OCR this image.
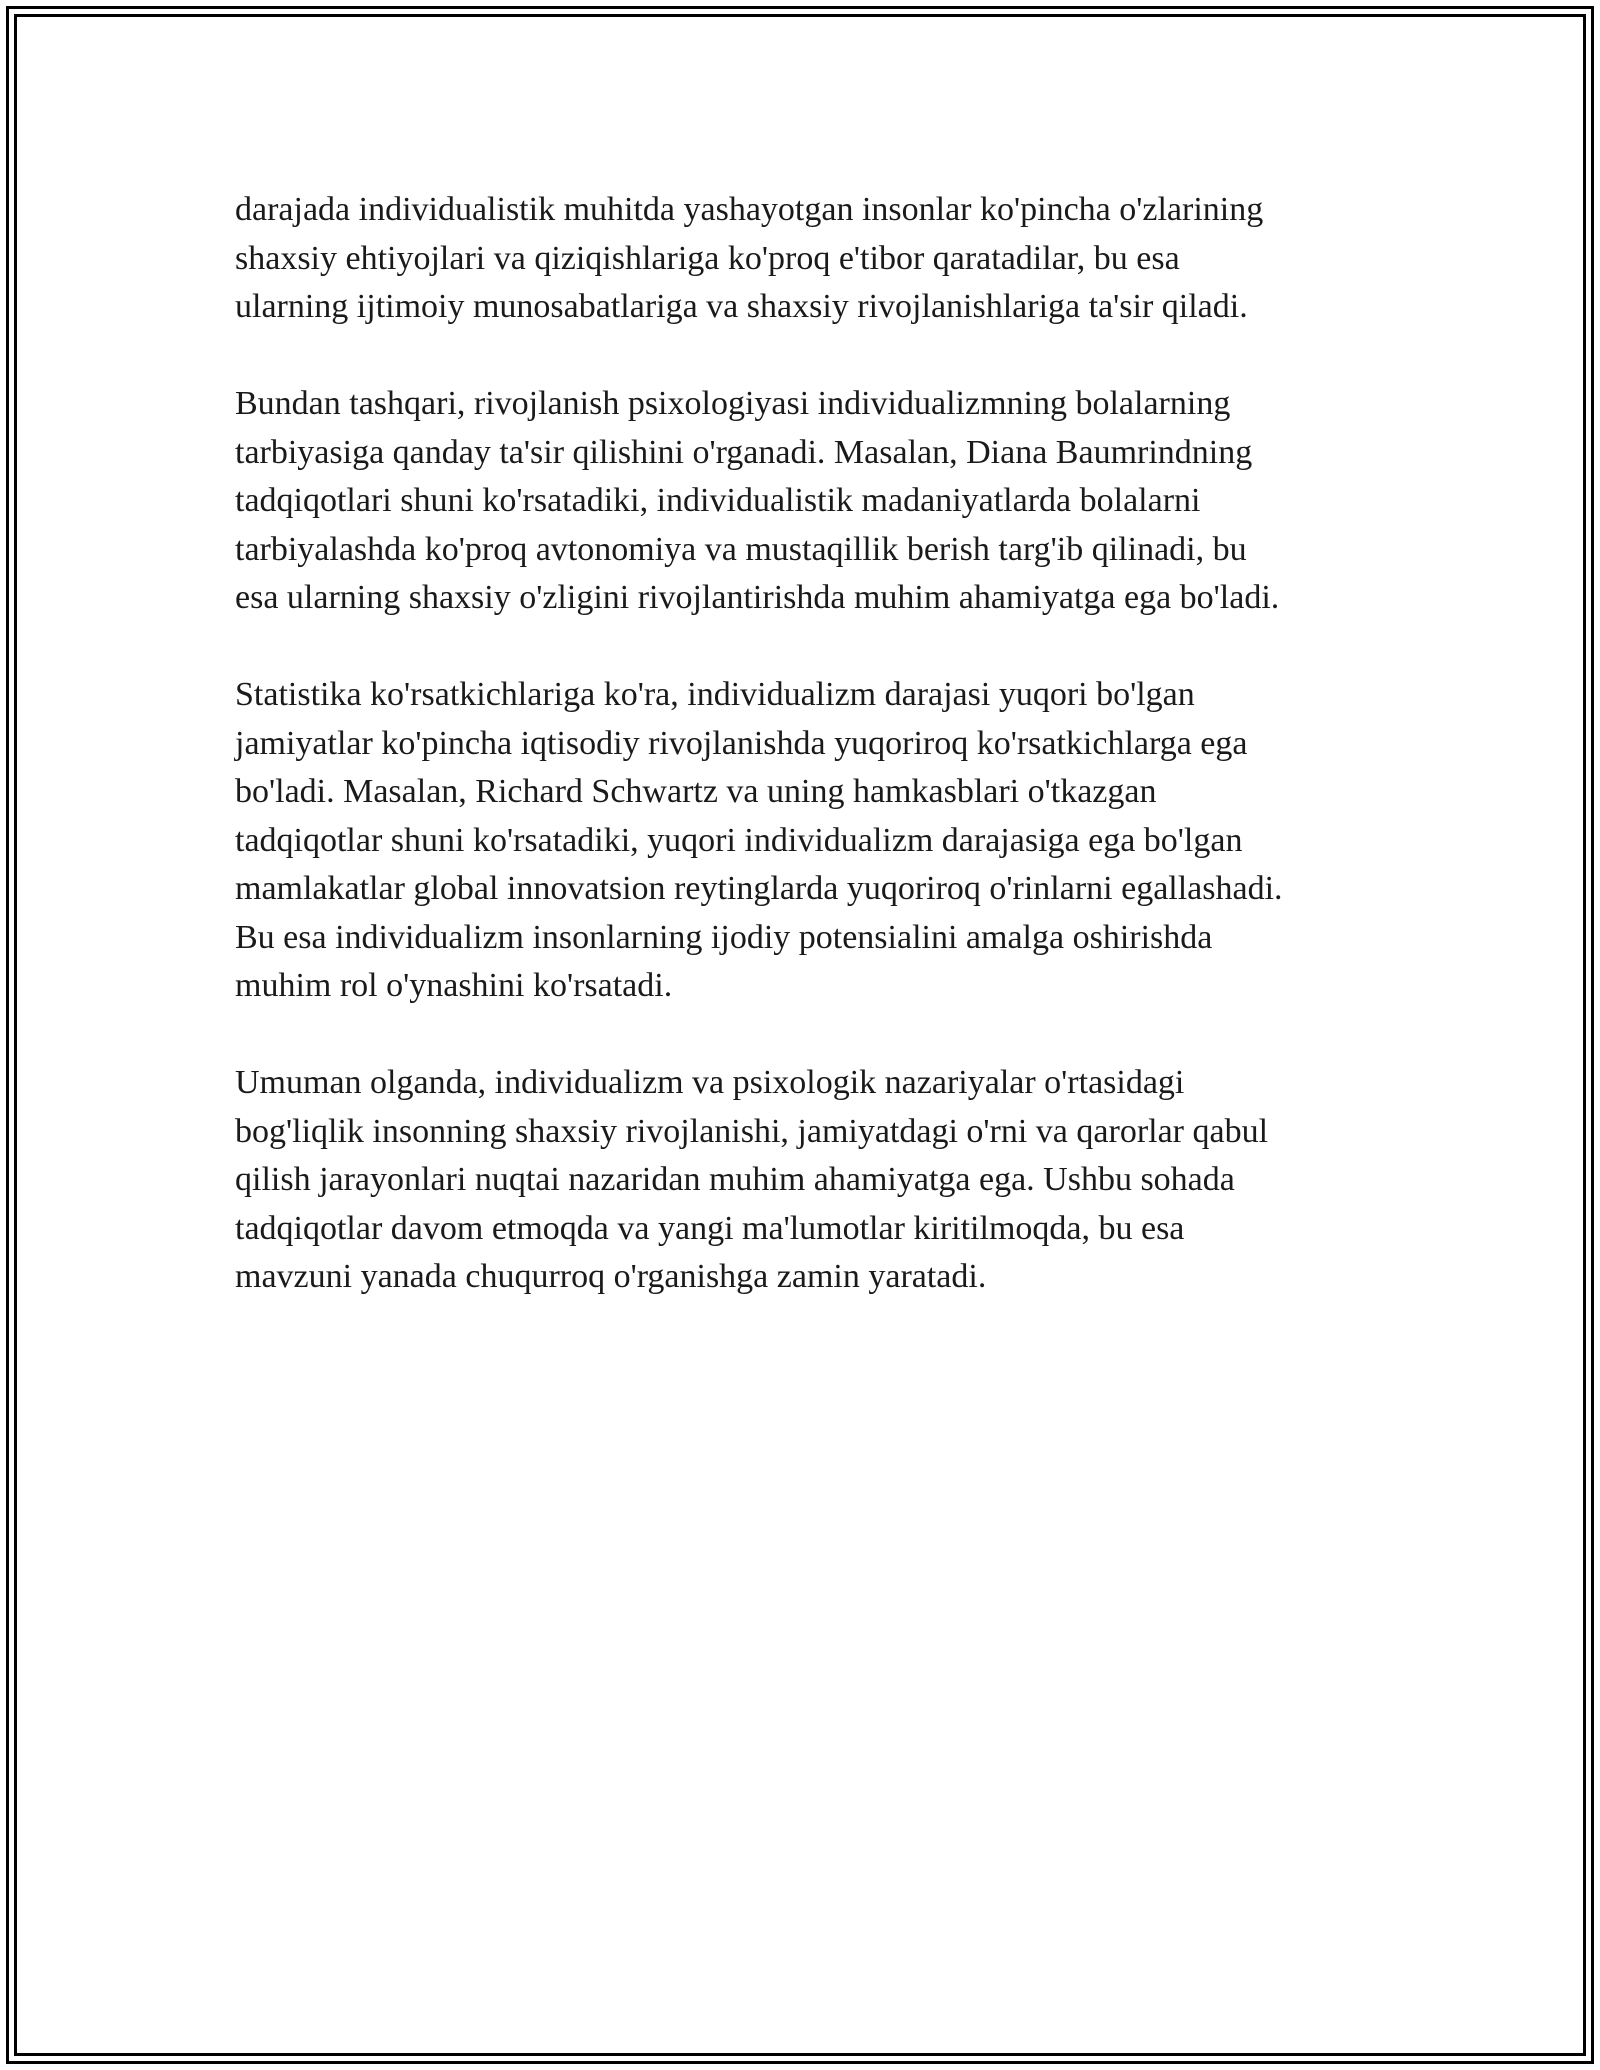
darajada individualistik muhitda yashayotgan insonlar ko'pincha o'zlarining
shaxsiy ehtiyojlari va qiziqishlariga ko'proq e'tibor qaratadilar, bu esa
ularning ijtimoiy munosabatlariga va shaxsiy rivojlanishlariga ta'sir qiladi.

Bundan tashqari, rivojlanish psixologiyasi individualizmning bolalarning
tarbiyasiga qanday ta'sir qilishini o'rganadi. Masalan, Diana Baumrindning
tadqiqotlari shuni ko'rsatadiki, individualistik madaniyatlarda bolalarni
tarbiyalashda ko'proq avtonomiya va mustaqillik berish targ'ib qilinadi, bu
esa ularning shaxsiy o'zligini rivojlantirishda muhim ahamiyatga ega bo'ladi.

Statistika ko'rsatkichlariga ko'ra, individualizm darajasi yuqori bo'lgan
jamiyatlar ko'pincha iqtisodiy rivojlanishda yuqoriroq ko'rsatkichlarga ega
bo'ladi. Masalan, Richard Schwartz va uning hamkasblari o'tkazgan
tadqiqotlar shuni ko'rsatadiki, yuqori individualizm darajasiga ega bo'lgan
mamlakatlar global innovatsion reytinglarda yuqoriroq o'rinlarni egallashadi.
Bu esa individualizm insonlarning ijodiy potensialini amalga oshirishda
muhim rol o'ynashini ko'rsatadi.

Umuman olganda, individualizm va psixologik nazariyalar o'rtasidagi
bog'liqlik insonning shaxsiy rivojlanishi, jamiyatdagi o'rni va qarorlar qabul
qilish jarayonlari nuqtai nazaridan muhim ahamiyatga ega. Ushbu sohada
tadqiqotlar davom etmoqda va yangi ma'lumotlar kiritilmoqda, bu esa
mavzuni yanada chuqurroq o'rganishga zamin yaratadi.
